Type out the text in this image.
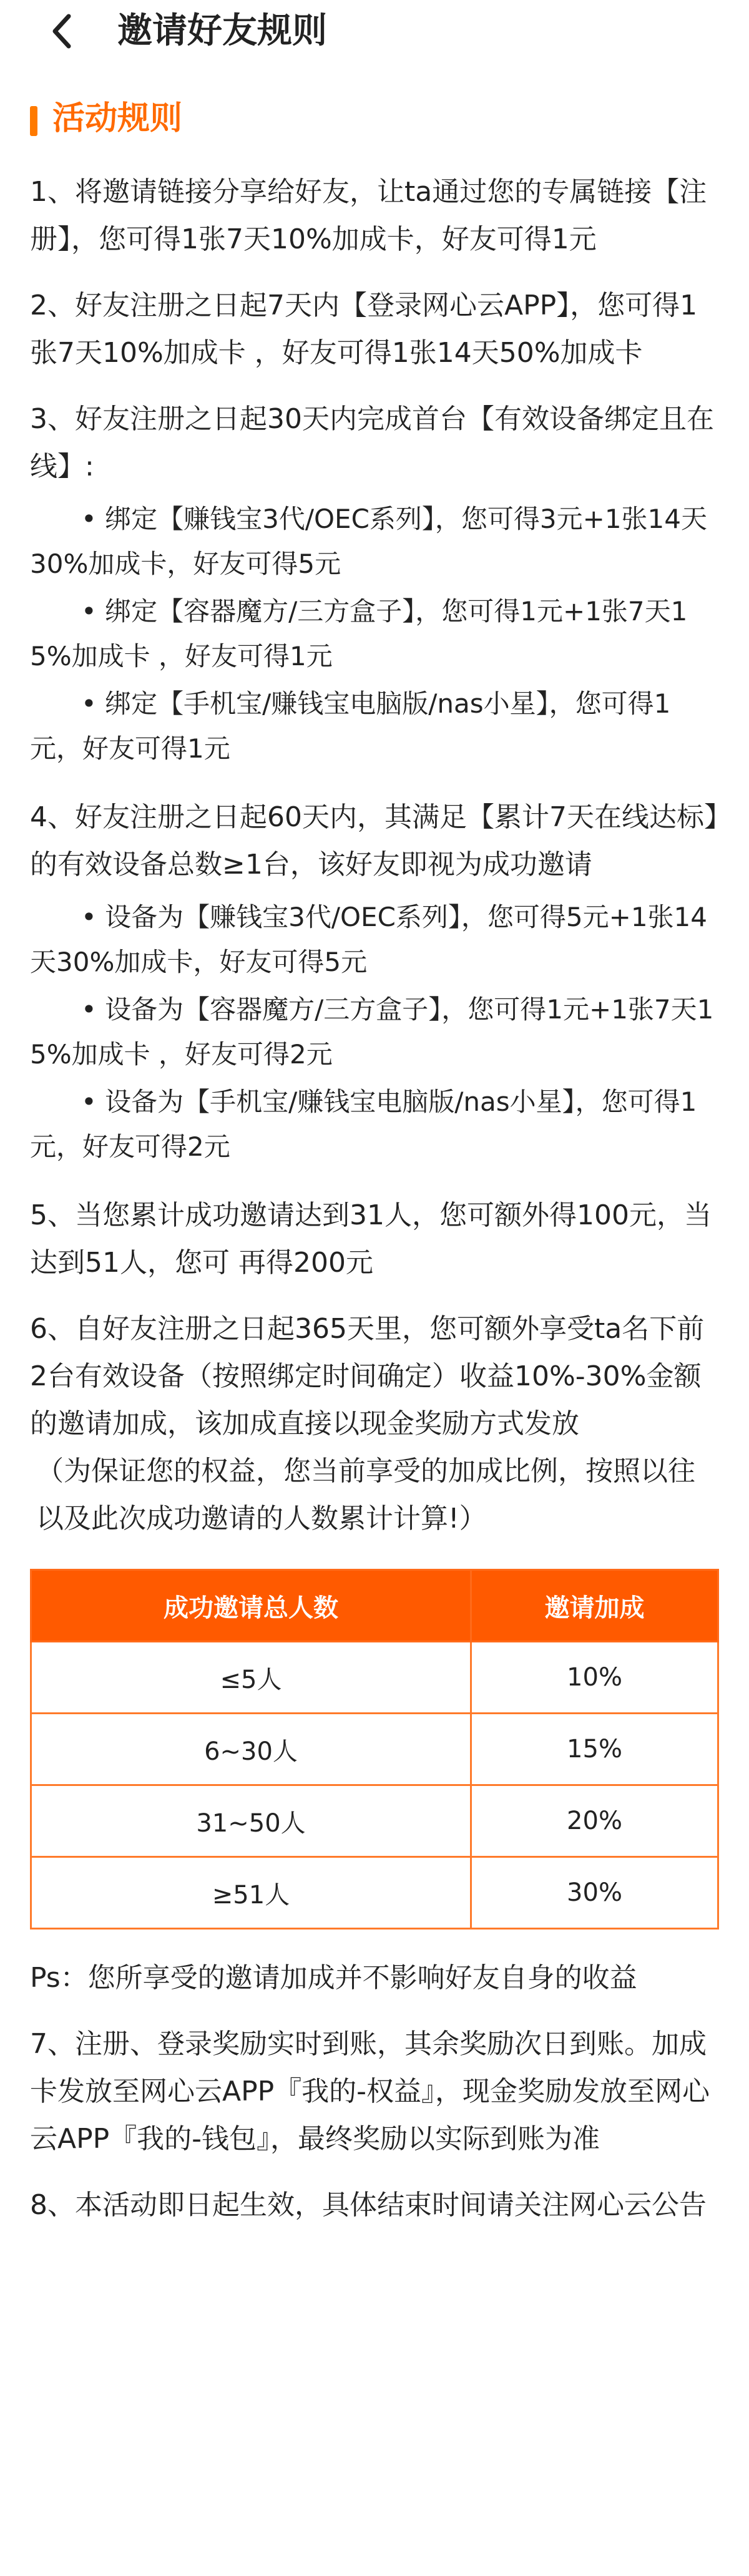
邀请好友规则
活动规则

1、将邀请链接分享给好友，让ta通过您的专属链接【注册】，您可得1张7天10%加成卡，好友可得1元

2、好友注册之日起7天内【登录网心云APP】，您可得1张7天10%加成卡 ，好友可得1张14天50%加成卡

3、好友注册之日起30天内完成首台【有效设备绑定且在线】:

• 绑定【赚钱宝3代/OEC系列】，您可得3元+1张14天30%加成卡，好友可得5元

• 绑定【容器魔方/三方盒子】，您可得1元+1张7天15%加成卡 ，好友可得1元

• 绑定【手机宝/赚钱宝电脑版/nas小星】，您可得1元，好友可得1元

4、好友注册之日起60天内，其满足【累计7天在线达标】的有效设备总数≥1台，该好友即视为成功邀请

• 设备为【赚钱宝3代/OEC系列】，您可得5元+1张14天30%加成卡，好友可得5元

• 设备为【容器魔方/三方盒子】，您可得1元+1张7天15%加成卡 ，好友可得2元

• 设备为【手机宝/赚钱宝电脑版/nas小星】，您可得1元，好友可得2元

5、当您累计成功邀请达到31人，您可额外得100元，当达到51人，您可 再得200元

6、自好友注册之日起365天里，您可额外享受ta名下前2台有效设备（按照绑定时间确定）收益10%-30%金额的邀请加成，该加成直接以现金奖励方式发放

（为保证您的权益，您当前享受的加成比例，按照以往以及此次成功邀请的人数累计计算!）

成功邀请总人数	邀请加成
≤5人	10%
6~30人	15%
31~50人	20%
≥51人	30%

Ps：您所享受的邀请加成并不影响好友自身的收益

7、注册、登录奖励实时到账，其余奖励次日到账。加成卡发放至网心云APP『我的-权益』，现金奖励发放至网心云APP『我的-钱包』，最终奖励以实际到账为准

8、本活动即日起生效，具体结束时间请关注网心云公告
